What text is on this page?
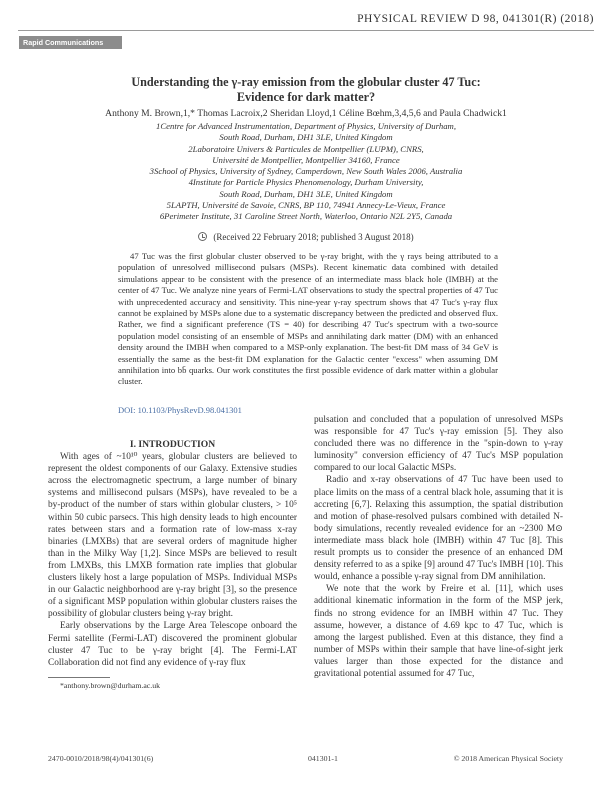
PHYSICAL REVIEW D 98, 041301(R) (2018)
Rapid Communications
Understanding the γ-ray emission from the globular cluster 47 Tuc:
Evidence for dark matter?
Anthony M. Brown,1,* Thomas Lacroix,2 Sheridan Lloyd,1 Céline Bœhm,3,4,5,6 and Paula Chadwick1
1Centre for Advanced Instrumentation, Department of Physics, University of Durham,
South Road, Durham, DH1 3LE, United Kingdom
2Laboratoire Univers & Particules de Montpellier (LUPM), CNRS,
Université de Montpellier, Montpellier 34160, France
3School of Physics, University of Sydney, Camperdown, New South Wales 2006, Australia
4Institute for Particle Physics Phenomenology, Durham University,
South Road, Durham, DH1 3LE, United Kingdom
5LAPTH, Université de Savoie, CNRS, BP 110, 74941 Annecy-Le-Vieux, France
6Perimeter Institute, 31 Caroline Street North, Waterloo, Ontario N2L 2Y5, Canada
(Received 22 February 2018; published 3 August 2018)

47 Tuc was the first globular cluster observed to be γ-ray bright, with the γ rays being attributed to a population of unresolved millisecond pulsars (MSPs). Recent kinematic data combined with detailed simulations appear to be consistent with the presence of an intermediate mass black hole (IMBH) at the center of 47 Tuc. We analyze nine years of Fermi-LAT observations to study the spectral properties of 47 Tuc with unprecedented accuracy and sensitivity. This nine-year γ-ray spectrum shows that 47 Tuc's γ-ray flux cannot be explained by MSPs alone due to a systematic discrepancy between the predicted and observed flux. Rather, we find a significant preference (TS = 40) for describing 47 Tuc's spectrum with a two-source population model consisting of an ensemble of MSPs and annihilating dark matter (DM) with an enhanced density around the IMBH when compared to a MSP-only explanation. The best-fit DM mass of 34 GeV is essentially the same as the best-fit DM explanation for the Galactic center "excess" when assuming DM annihilation into bb̄ quarks. Our work constitutes the first possible evidence of dark matter within a globular cluster.

DOI: 10.1103/PhysRevD.98.041301

I. INTRODUCTION

With ages of ~10¹⁰ years, globular clusters are believed to represent the oldest components of our Galaxy. Extensive studies across the electromagnetic spectrum, a large number of binary systems and millisecond pulsars (MSPs), have revealed to be a by-product of the number of stars within globular clusters, > 10⁵ within 50 cubic parsecs. This high density leads to high encounter rates between stars and a formation rate of low-mass x-ray binaries (LMXBs) that are several orders of magnitude higher than in the Milky Way [1,2]. Since MSPs are believed to result from LMXBs, this LMXB formation rate implies that globular clusters likely host a large population of MSPs. Individual MSPs in our Galactic neighborhood are γ-ray bright [3], so the presence of a significant MSP population within globular clusters raises the possibility of globular clusters being γ-ray bright.

Early observations by the Large Area Telescope onboard the Fermi satellite (Fermi-LAT) discovered the prominent globular cluster 47 Tuc to be γ-ray bright [4]. The Fermi-LAT Collaboration did not find any evidence of γ-ray flux

pulsation and concluded that a population of unresolved MSPs was responsible for 47 Tuc's γ-ray emission [5]. They also concluded there was no difference in the "spin-down to γ-ray luminosity" conversion efficiency of 47 Tuc's MSP population compared to our local Galactic MSPs.

Radio and x-ray observations of 47 Tuc have been used to place limits on the mass of a central black hole, assuming that it is accreting [6,7]. Relaxing this assumption, the spatial distribution and motion of phase-resolved pulsars combined with detailed N-body simulations, recently revealed evidence for an ~2300 M⊙ intermediate mass black hole (IMBH) within 47 Tuc [8]. This result prompts us to consider the presence of an enhanced DM density referred to as a spike [9] around 47 Tuc's IMBH [10]. This would, enhance a possible γ-ray signal from DM annihilation.

We note that the work by Freire et al. [11], which uses additional kinematic information in the form of the MSP jerk, finds no strong evidence for an IMBH within 47 Tuc. They assume, however, a distance of 4.69 kpc to 47 Tuc, which is among the largest published. Even at this distance, they find a number of MSPs within their sample that have line-of-sight jerk values larger than those expected for the distance and gravitational potential assumed for 47 Tuc,

*anthony.brown@durham.ac.uk
2470-0010/2018/98(4)/041301(6)	041301-1	© 2018 American Physical Society
